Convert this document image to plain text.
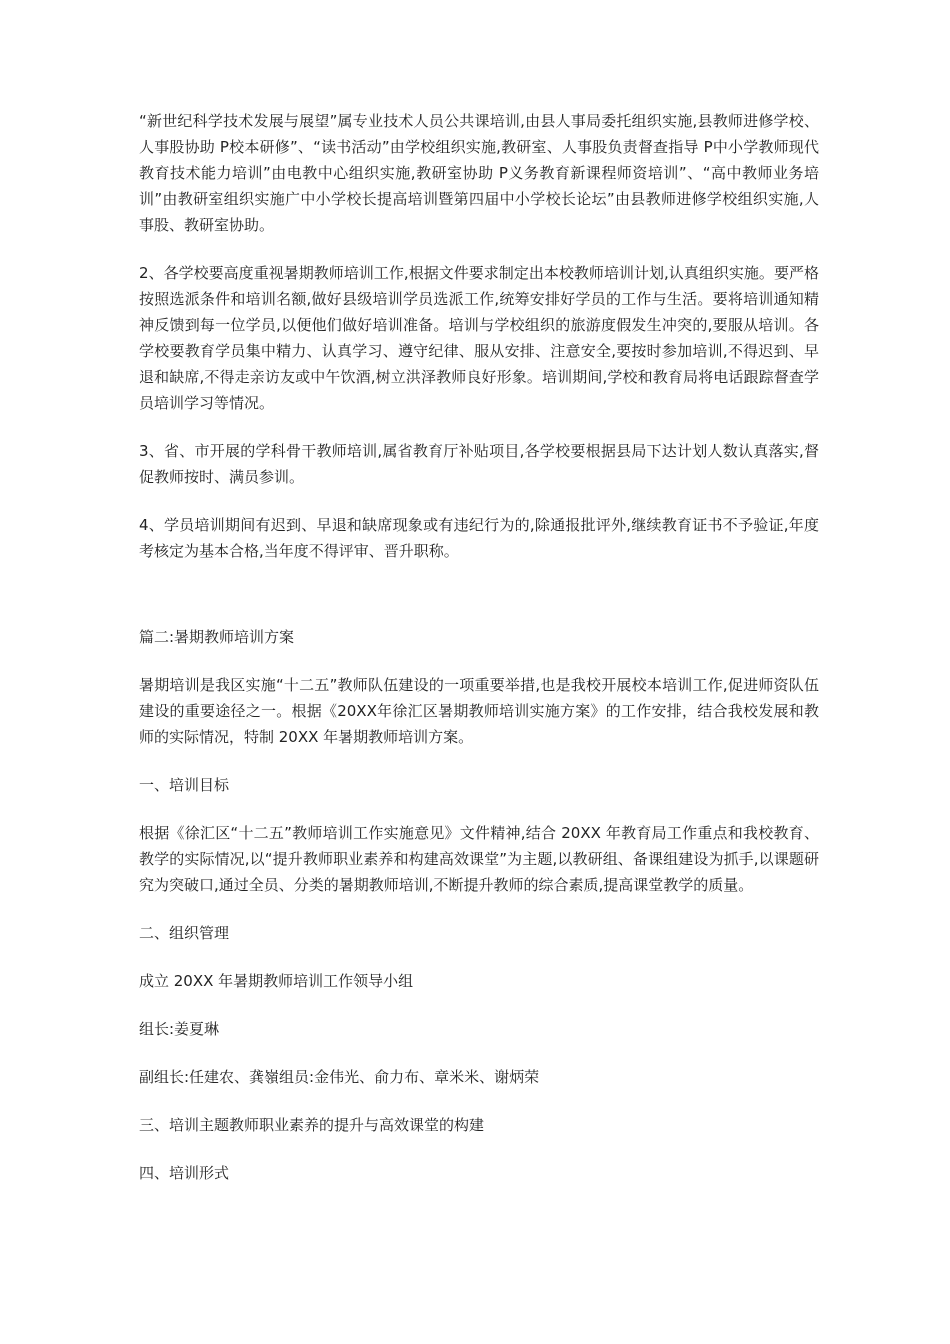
“新世纪科学技术发展与展望”属专业技术人员公共课培训,由县人事局委托组织实施,县教师进修学校、人事股协助 P校本研修”、“读书活动”由学校组织实施,教研室、人事股负责督查指导 P中小学教师现代教育技术能力培训”由电教中心组织实施,教研室协助 P义务教育新课程师资培训”、“高中教师业务培训”由教研室组织实施广中小学校长提高培训暨第四届中小学校长论坛”由县教师进修学校组织实施,人事股、教研室协助。

2、各学校要高度重视暑期教师培训工作,根据文件要求制定出本校教师培训计划,认真组织实施。要严格按照选派条件和培训名额,做好县级培训学员选派工作,统筹安排好学员的工作与生活。要将培训通知精神反馈到每一位学员,以便他们做好培训准备。培训与学校组织的旅游度假发生冲突的,要服从培训。各学校要教育学员集中精力、认真学习、遵守纪律、服从安排、注意安全,要按时参加培训,不得迟到、早退和缺席,不得走亲访友或中午饮酒,树立洪泽教师良好形象。培训期间,学校和教育局将电话跟踪督查学员培训学习等情况。

3、省、市开展的学科骨干教师培训,属省教育厅补贴项目,各学校要根据县局下达计划人数认真落实,督促教师按时、满员参训。

4、学员培训期间有迟到、早退和缺席现象或有违纪行为的,除通报批评外,继续教育证书不予验证,年度考核定为基本合格,当年度不得评审、晋升职称。

篇二:暑期教师培训方案

暑期培训是我区实施“十二五”教师队伍建设的一项重要举措,也是我校开展校本培训工作,促进师资队伍建设的重要途径之一。根据《20XX年徐汇区暑期教师培训实施方案》的工作安排，结合我校发展和教师的实际情况，特制 20XX 年暑期教师培训方案。

一、培训目标

根据《徐汇区“十二五”教师培训工作实施意见》文件精神,结合 20XX 年教育局工作重点和我校教育、教学的实际情况,以“提升教师职业素养和构建高效课堂”为主题,以教研组、备课组建设为抓手,以课题研究为突破口,通过全员、分类的暑期教师培训,不断提升教师的综合素质,提高课堂教学的质量。

二、组织管理

成立 20XX 年暑期教师培训工作领导小组

组长:姜夏琳

副组长:任建农、龚嶺组员:金伟光、俞力布、章米米、谢炳荣

三、培训主题教师职业素养的提升与高效课堂的构建

四、培训形式
